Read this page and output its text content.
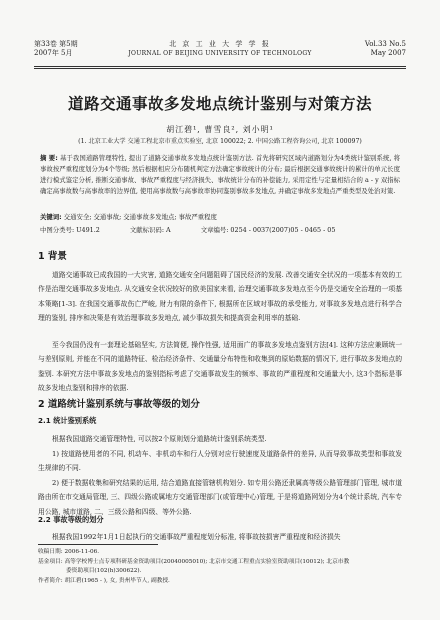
第33卷 第5期
2007年 5月
北 京 工 业 大 学 学 报
JOURNAL OF BEIJING UNIVERSITY OF TECHNOLOGY
Vol.33 No.5
May 2007
道路交通事故多发地点统计鉴别与对策方法
胡江碧¹, 曹雪良², 刘小明¹
(1. 北京工业大学 交通工程北京市重点实验室, 北京 100022; 2. 中国公路工程咨询公司, 北京 100097)
摘 要: 基于我国道路管理特性, 提出了道路交通事故多发地点统计鉴别方法. 首先将研究区域内道路划分为4类统计鉴别系统, 将事故按严重程度划分为4个等级; 然后根据相应分布随机判定方法确定事故统计的分布; 最后根据交通事故统计的累计的单元长度进行模式鉴定分析, 推断交通事故、事故严重程度与经济损失、事故统计分布的补偿能力, 采用定性与定量相结合的 a - y 双指标确定高事故数与高事故率的边界值, 使用高事故数与高事故率协同鉴别事故多发地点, 并确定事故多发地点严重类型及处治对策.
关键词: 交通安全; 交通事故; 交通事故多发地点; 事故严重程度
中图分类号: U491.2	文献标识码: A	文章编号: 0254 - 0037(2007)05 - 0465 - 05
1 背景
道路交通事故已成我国的一大灾害, 道路交通安全问题阻碍了国民经济的发展. 改善交通安全状况的一项基本有效的工作是治理交通事故多发地点. 从交通安全状况较好的欧美国家来看, 治理交通事故多发地点至今仍是交通安全治理的一项基本策略[1-3]. 在我国交通事故伤亡严峻, 财力有限的条件下, 根据所在区域对事故的承受能力, 对事故多发地点进行科学合理的鉴别, 排序和决策是有效治理事故多发地点, 减少事故损失和提高资金利用率的基础.
至今我国仍没有一套理论基础坚实, 方法简便, 操作性强, 适用面广的事故多发地点鉴别方法[4]. 这种方法应兼顾统一与差别原则, 并能在不同的道路特征、检治经济条件、交通量分布特性和收集到的原始数据的情况下, 进行事故多发地点的鉴别. 本研究方法中事故多发地点的鉴别指标考虑了交通事故发生的频率、事故的严重程度和交通量大小, 这3个指标是事故多发地点鉴别和排序的依据.
2 道路统计鉴别系统与事故等级的划分
2.1 统计鉴别系统
根据我国道路交通管理特性, 可以按2个原则划分道路统计鉴别系统类型.
1) 按道路使用者的不同, 机动车、非机动车和行人分别对应行驶速度及道路条件的差异, 从而导致事故类型和事故发生规律的不同.
2) 便于数据收集和研究结果的运用, 结合道路直接管辖机构划分. 如专用公路还隶属高等级公路管理部门管理, 城市道路由所在市交通局管理, 三、四级公路或属地方交通管理部门(或管理中心)管理, 于是将道路网划分为4个统计系统, 汽车专用公路, 城市道路, 二、三级公路和四级、等外公路.
2.2 事故等级的划分
根据我国1992年1月1日起执行的交通事故严重程度划分标准, 将事故按损害严重程度和经济损失
收稿日期: 2006-11-06.
基金项目: 高等学校博士点专项科研基金资助项目(20040005010); 北京市交通工程重点实验室资助项目(10012); 北京市教
委资助项目(102(h)300622).
作者简介: 胡江碧(1965 - ), 女, 贵州毕节人, 副教授.
